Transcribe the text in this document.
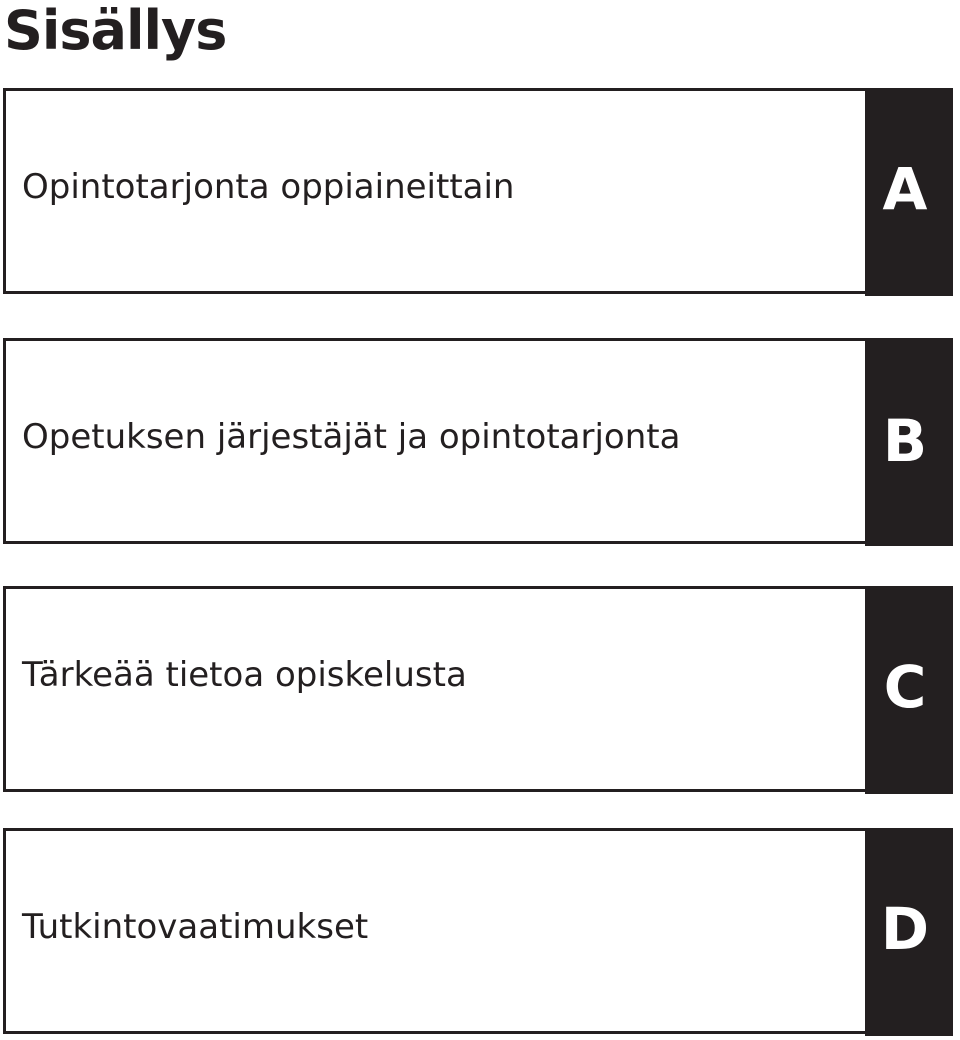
Sisällys
Opintotarjonta oppiaineittain	A
Opetuksen järjestäjät ja opintotarjonta	B
Tärkeää tietoa opiskelusta	C
Tutkintovaatimukset	D
